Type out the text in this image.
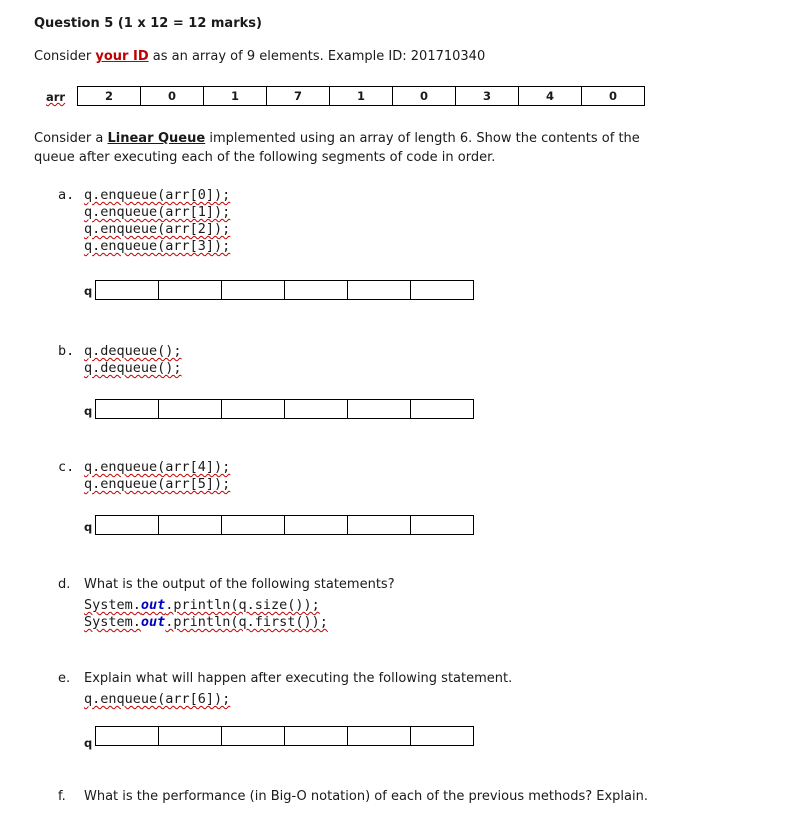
Question 5 (1 x 12 = 12 marks)
Consider your ID as an array of 9 elements. Example ID: 201710340
arr	2	0	1	7	1	0	3	4	0
Consider a Linear Queue implemented using an array of length 6. Show the contents of the queue after executing each of the following segments of code in order.
a. q.enqueue(arr[0]);
q.enqueue(arr[1]);
q.enqueue(arr[2]);
q.enqueue(arr[3]);
q

b. q.dequeue();
q.dequeue();
q

c. q.enqueue(arr[4]);
q.enqueue(arr[5]);
q

d. What is the output of the following statements?
System.out.println(q.size());
System.out.println(q.first());
e. Explain what will happen after executing the following statement.
q.enqueue(arr[6]);
q

f. What is the performance (in Big-O notation) of each of the previous methods? Explain.
